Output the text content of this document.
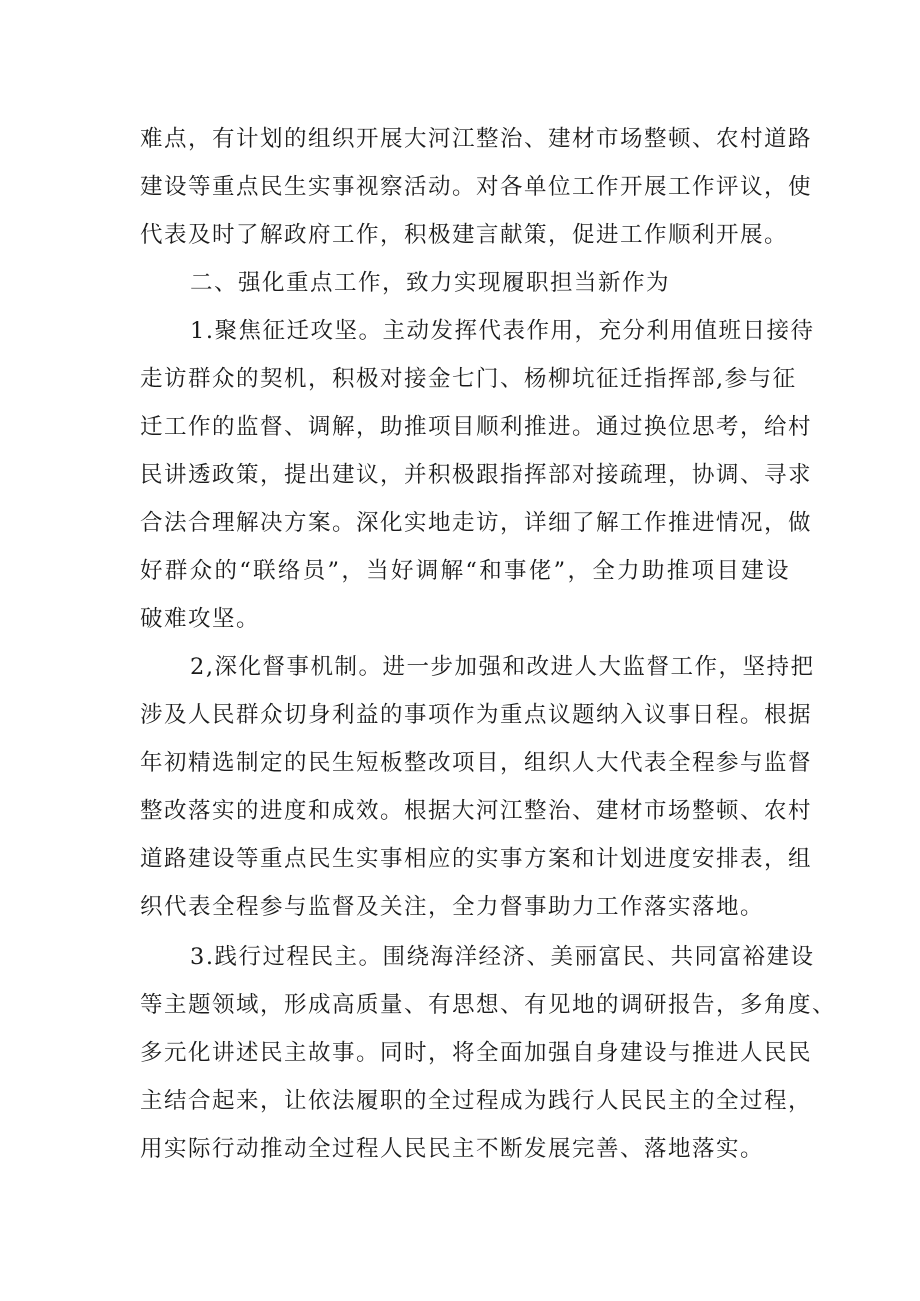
难点，有计划的组织开展大河江整治、建材市场整顿、农村道路
建设等重点民生实事视察活动。对各单位工作开展工作评议，使
代表及时了解政府工作，积极建言献策，促进工作顺利开展。
二、强化重点工作，致力实现履职担当新作为
1.聚焦征迁攻坚。主动发挥代表作用，充分利用值班日接待
走访群众的契机，积极对接金七门、杨柳坑征迁指挥部,参与征
迁工作的监督、调解，助推项目顺利推进。通过换位思考，给村
民讲透政策，提出建议，并积极跟指挥部对接疏理，协调、寻求
合法合理解决方案。深化实地走访，详细了解工作推进情况，做
好群众的“联络员”，当好调解“和事佬”，全力助推项目建设
破难攻坚。
2,深化督事机制。进一步加强和改进人大监督工作，坚持把
涉及人民群众切身利益的事项作为重点议题纳入议事日程。根据
年初精选制定的民生短板整改项目，组织人大代表全程参与监督
整改落实的进度和成效。根据大河江整治、建材市场整顿、农村
道路建设等重点民生实事相应的实事方案和计划进度安排表，组
织代表全程参与监督及关注，全力督事助力工作落实落地。
3.践行过程民主。围绕海洋经济、美丽富民、共同富裕建设
等主题领域，形成高质量、有思想、有见地的调研报告，多角度、
多元化讲述民主故事。同时，将全面加强自身建设与推进人民民
主结合起来，让依法履职的全过程成为践行人民民主的全过程，
用实际行动推动全过程人民民主不断发展完善、落地落实。
